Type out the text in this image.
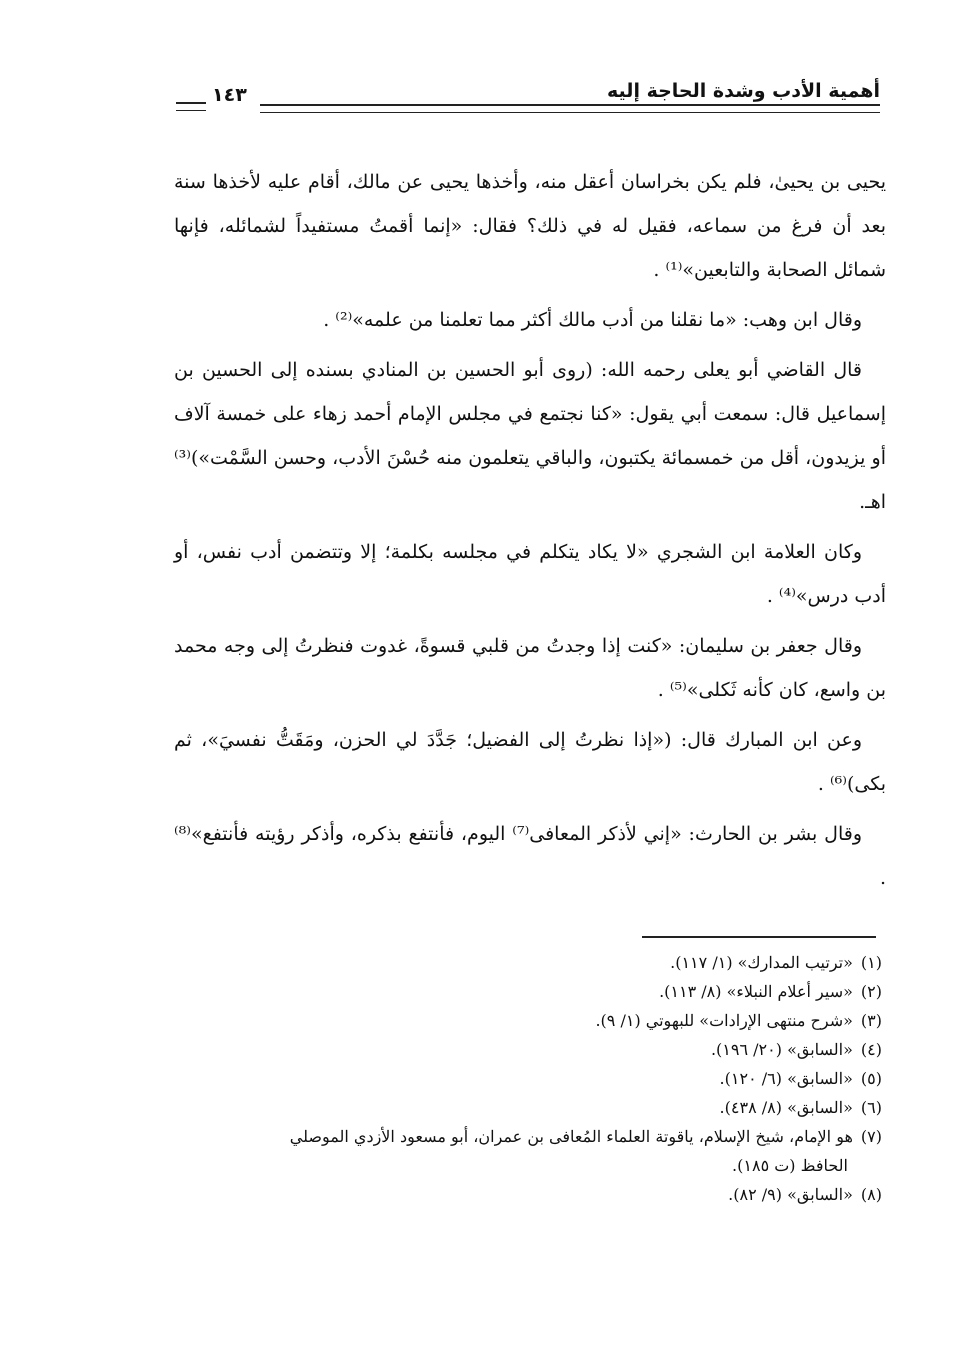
أهمية الأدب وشدة الحاجة إليه
١٤٣

يحيى بن يحيىٰ، فلم يكن بخراسان أعقل منه، وأخذها يحيى عن مالك، أقام عليه لأخذها سنة بعد أن فرغ من سماعه، فقيل له في ذلك؟ فقال: «إنما أقمتُ مستفيداً لشمائله، فإنها شمائل الصحابة والتابعين»⁽¹⁾ .

وقال ابن وهب: «ما نقلنا من أدب مالك أكثر مما تعلمنا من علمه»⁽²⁾ .

قال القاضي أبو يعلى رحمه الله: (روى أبو الحسين بن المنادي بسنده إلى الحسين بن إسماعيل قال: سمعت أبي يقول: «كنا نجتمع في مجلس الإمام أحمد زهاء على خمسة آلاف أو يزيدون، أقل من خمسمائة يكتبون، والباقي يتعلمون منه حُسْنَ الأدب، وحسن السَّمْت»)⁽³⁾ اهـ.

وكان العلامة ابن الشجري «لا يكاد يتكلم في مجلسه بكلمة؛ إلا وتتضمن أدب نفس، أو أدب درس»⁽⁴⁾ .

وقال جعفر بن سليمان: «كنت إذا وجدتُ من قلبي قسوةً، غدوت فنظرتُ إلى وجه محمد بن واسع، كان كأنه ثَكلى»⁽⁵⁾ .

وعن ابن المبارك قال: («إذا نظرتُ إلى الفضيل؛ جَدَّدَ لي الحزن، ومَقَتُّ نفسيَ»، ثم بكى)⁽⁶⁾ .

وقال بشر بن الحارث: «إني لأذكر المعافى⁽⁷⁾ اليوم، فأنتفع بذكره، وأذكر رؤيته فأنتفع»⁽⁸⁾ .

(١)«ترتيب المدارك» (١/ ١١٧).

(٢)«سير أعلام النبلاء» (٨/ ١١٣).

(٣)«شرح منتهى الإرادات» للبهوتي (١/ ٩).

(٤)«السابق» (٢٠/ ١٩٦).

(٥)«السابق» (٦/ ١٢٠).

(٦)«السابق» (٨/ ٤٣٨).

(٧)هو الإمام، شيخ الإسلام، ياقوتة العلماء المُعافى بن عمران، أبو مسعود الأزدي الموصلي

الحافظ (ت ١٨٥).

(٨)«السابق» (٩/ ٨٢).
